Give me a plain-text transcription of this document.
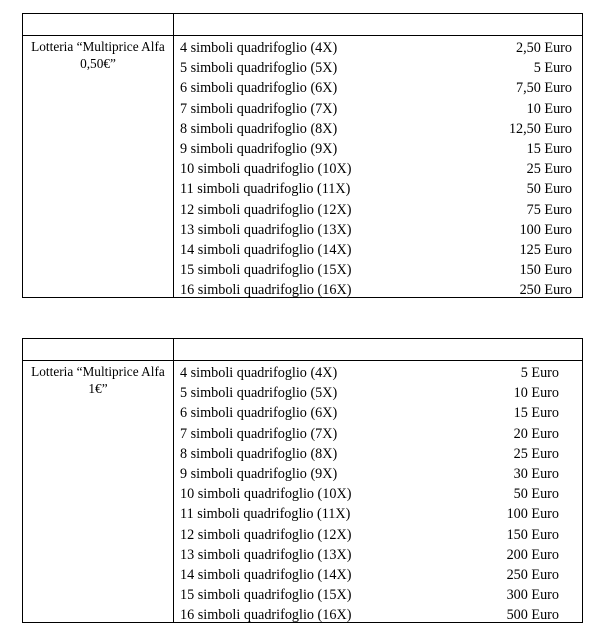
Lotteria “Multiprice Alfa
0,50€”
4 simboli quadrifoglio (4X)	2,50 Euro
5 simboli quadrifoglio (5X)	5 Euro
6 simboli quadrifoglio (6X)	7,50 Euro
7 simboli quadrifoglio (7X)	10 Euro
8 simboli quadrifoglio (8X)	12,50 Euro
9 simboli quadrifoglio (9X)	15 Euro
10 simboli quadrifoglio (10X)	25 Euro
11 simboli quadrifoglio (11X)	50 Euro
12 simboli quadrifoglio (12X)	75 Euro
13 simboli quadrifoglio (13X)	100 Euro
14 simboli quadrifoglio (14X)	125 Euro
15 simboli quadrifoglio (15X)	150 Euro
16 simboli quadrifoglio (16X)	250 Euro
Lotteria “Multiprice Alfa
1€”
4 simboli quadrifoglio (4X)	5 Euro
5 simboli quadrifoglio (5X)	10 Euro
6 simboli quadrifoglio (6X)	15 Euro
7 simboli quadrifoglio (7X)	20 Euro
8 simboli quadrifoglio (8X)	25 Euro
9 simboli quadrifoglio (9X)	30 Euro
10 simboli quadrifoglio (10X)	50 Euro
11 simboli quadrifoglio (11X)	100 Euro
12 simboli quadrifoglio (12X)	150 Euro
13 simboli quadrifoglio (13X)	200 Euro
14 simboli quadrifoglio (14X)	250 Euro
15 simboli quadrifoglio (15X)	300 Euro
16 simboli quadrifoglio (16X)	500 Euro
